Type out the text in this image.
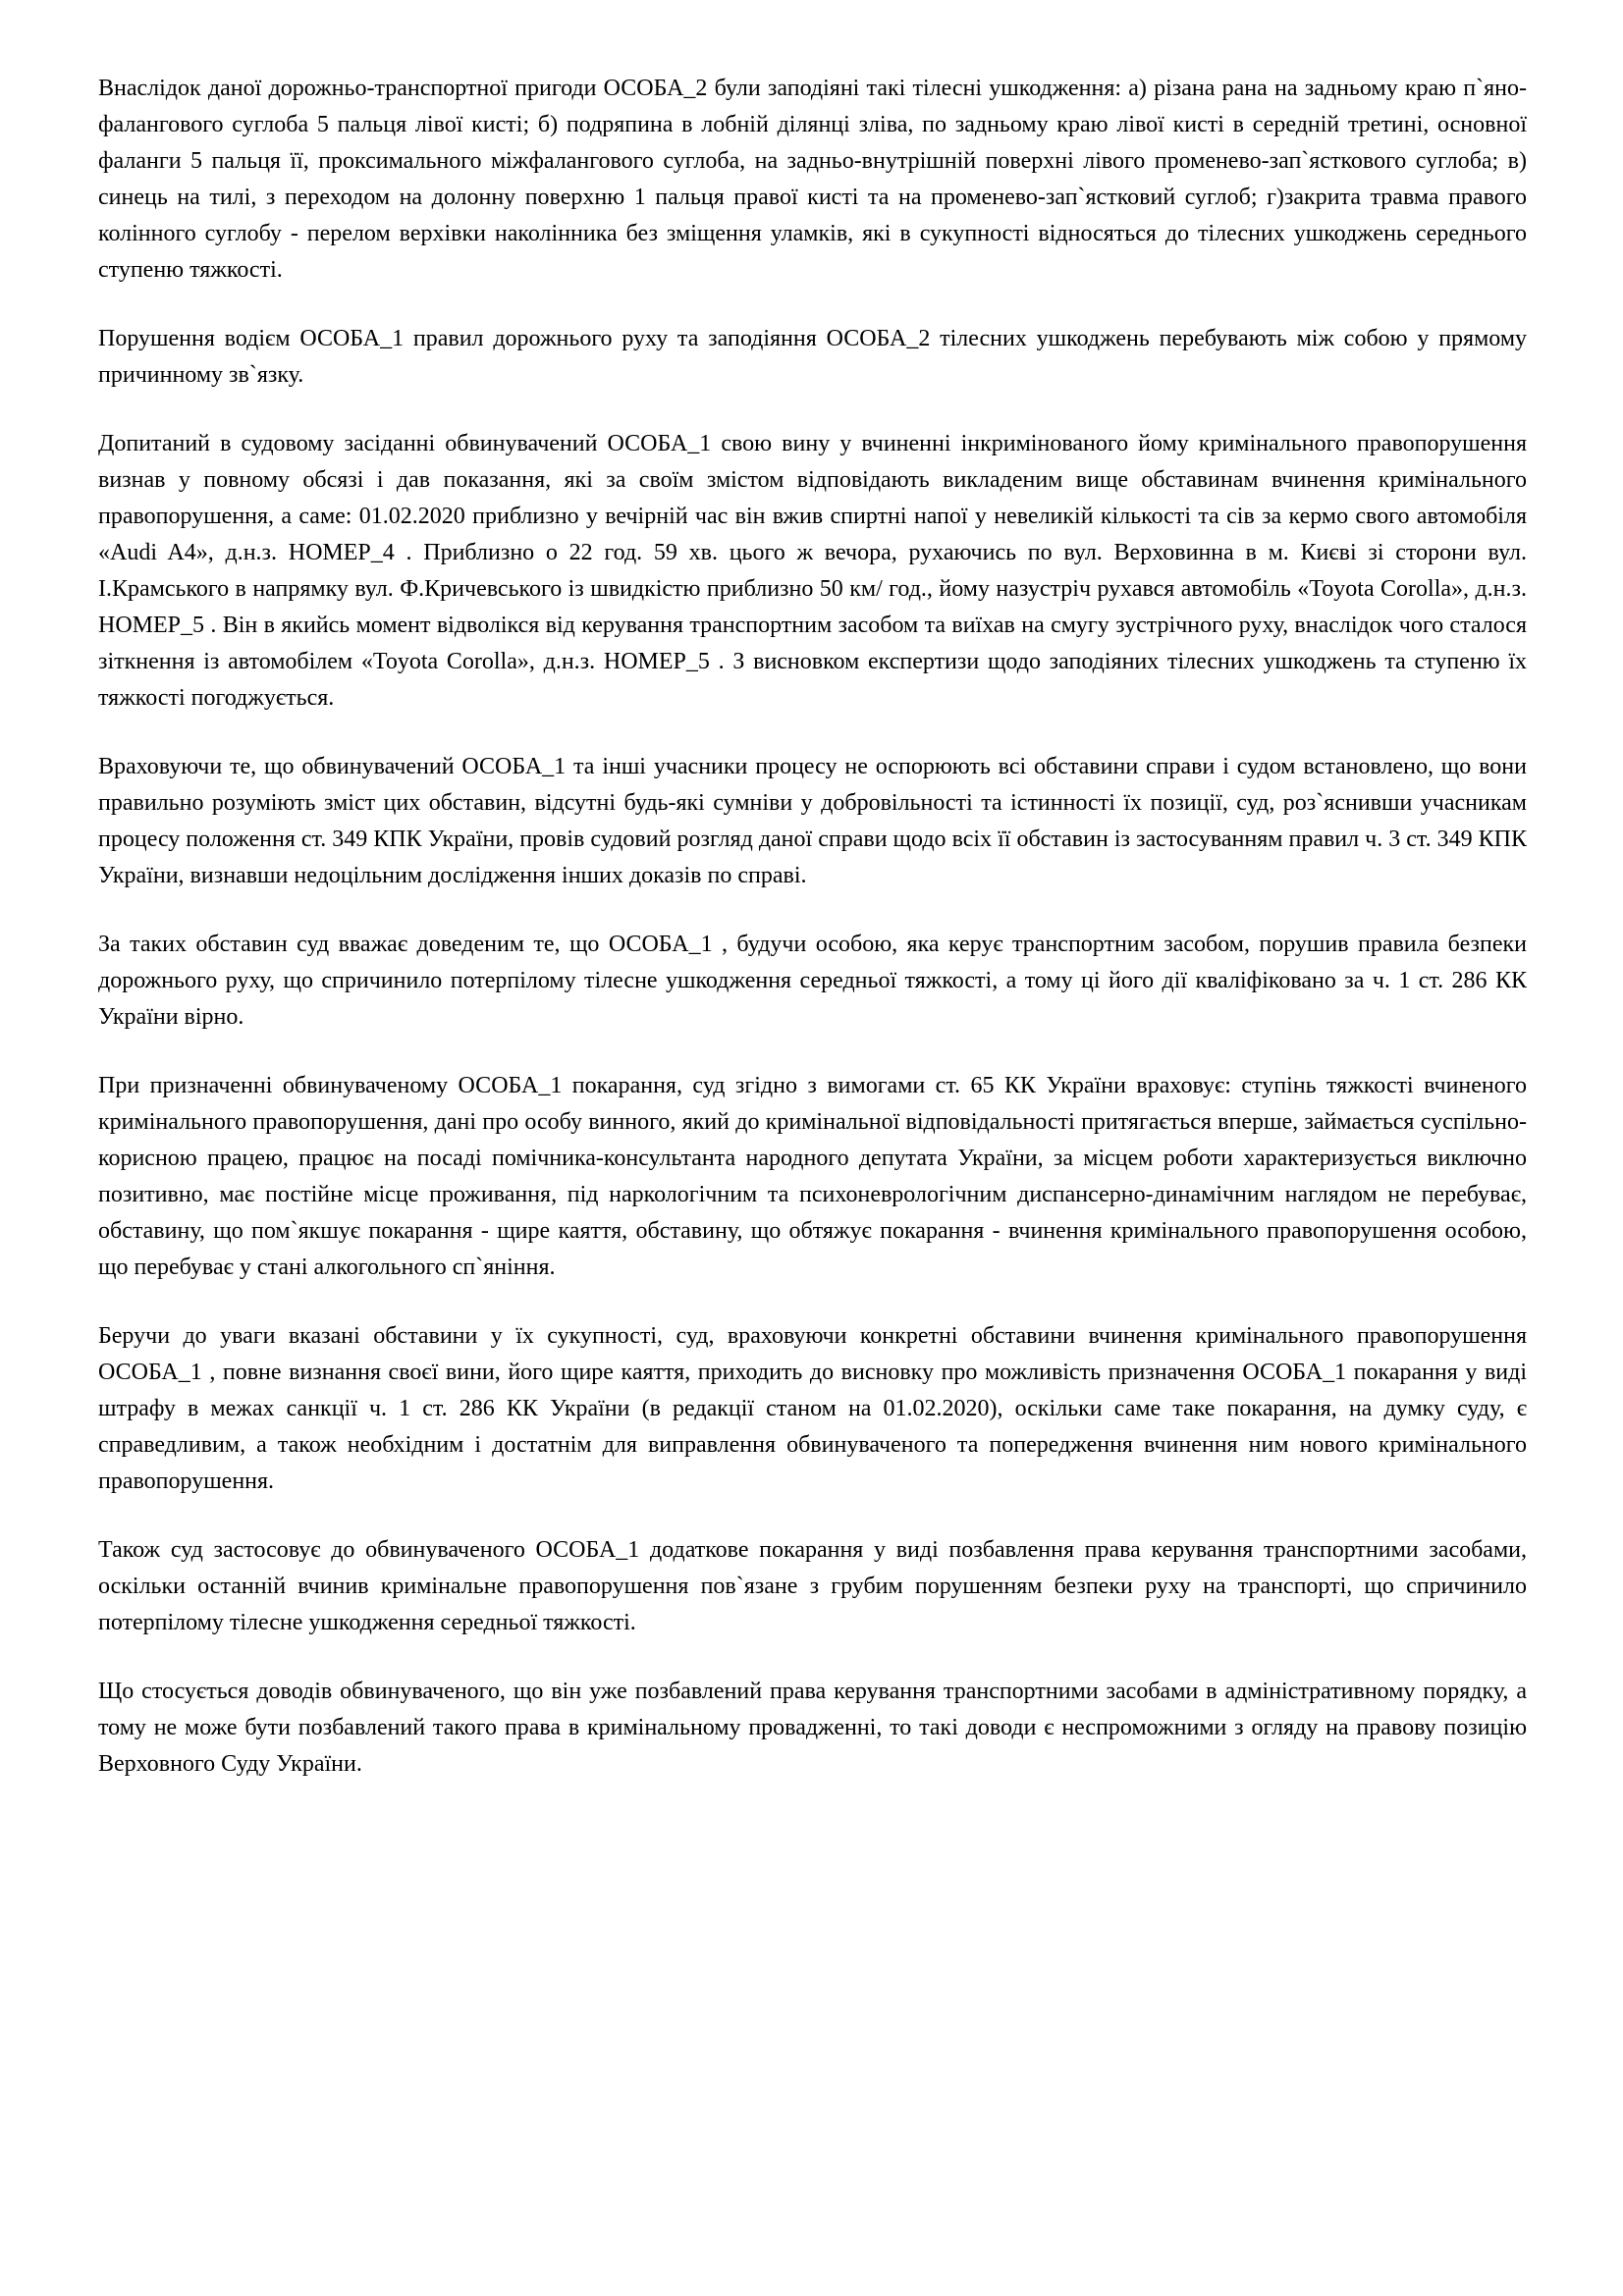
Внаслідок даної дорожньо-транспортної пригоди ОСОБА_2 були заподіяні такі тілесні ушкодження: а) різана рана на задньому краю п`яно-фалангового суглоба 5 пальця лівої кисті; б) подряпина в лобній ділянці зліва, по задньому краю лівої кисті в середній третині, основної фаланги 5 пальця її, проксимального міжфалангового суглоба, на задньо-внутрішній поверхні лівого променево-зап`ясткового суглоба; в) синець на тилі, з переходом на долонну поверхню 1 пальця правої кисті та на променево-зап`ястковий суглоб; г)закрита травма правого колінного суглобу - перелом верхівки наколінника без зміщення уламків, які в сукупності відносяться до тілесних ушкоджень середнього ступеню тяжкості.

Порушення водієм ОСОБА_1 правил дорожнього руху та заподіяння ОСОБА_2 тілесних ушкоджень перебувають між собою у прямому причинному зв`язку.

Допитаний в судовому засіданні обвинувачений ОСОБА_1 свою вину у вчиненні інкримінованого йому кримінального правопорушення визнав у повному обсязі і дав показання, які за своїм змістом відповідають викладеним вище обставинам вчинення кримінального правопорушення, а саме: 01.02.2020 приблизно у вечірній час він вжив спиртні напої у невеликій кількості та сів за кермо свого автомобіля «Audi A4», д.н.з. НОМЕР_4 . Приблизно о 22 год. 59 хв. цього ж вечора, рухаючись по вул. Верховинна в м. Києві зі сторони вул. І.Крамського в напрямку вул. Ф.Кричевського із швидкістю приблизно 50 км/ год., йому назустріч рухався автомобіль «Toyota Corolla», д.н.з. НОМЕР_5 . Він в якийсь момент відволікся від керування транспортним засобом та виїхав на смугу зустрічного руху, внаслідок чого сталося зіткнення із автомобілем «Toyota Corolla», д.н.з. НОМЕР_5 . З висновком експертизи щодо заподіяних тілесних ушкоджень та ступеню їх тяжкості погоджується.

Враховуючи те, що обвинувачений ОСОБА_1 та інші учасники процесу не оспорюють всі обставини справи і судом встановлено, що вони правильно розуміють зміст цих обставин, відсутні будь-які сумніви у добровільності та істинності їх позиції, суд, роз`яснивши учасникам процесу положення ст. 349 КПК України, провів судовий розгляд даної справи щодо всіх її обставин із застосуванням правил ч. 3 ст. 349 КПК України, визнавши недоцільним дослідження інших доказів по справі.

За таких обставин суд вважає доведеним те, що ОСОБА_1 , будучи особою, яка керує транспортним засобом, порушив правила безпеки дорожнього руху, що спричинило потерпілому тілесне ушкодження середньої тяжкості, а тому ці його дії кваліфіковано за ч. 1 ст. 286 КК України вірно.

При призначенні обвинуваченому ОСОБА_1 покарання, суд згідно з вимогами ст. 65 КК України враховує: ступінь тяжкості вчиненого кримінального правопорушення, дані про особу винного, який до кримінальної відповідальності притягається вперше, займається суспільно-корисною працею, працює на посаді помічника-консультанта народного депутата України, за місцем роботи характеризується виключно позитивно, має постійне місце проживання, під наркологічним та психоневрологічним диспансерно-динамічним наглядом не перебуває, обставину, що пом`якшує покарання - щире каяття, обставину, що обтяжує покарання - вчинення кримінального правопорушення особою, що перебуває у стані алкогольного сп`яніння.

Беручи до уваги вказані обставини у їх сукупності, суд, враховуючи конкретні обставини вчинення кримінального правопорушення ОСОБА_1 , повне визнання своєї вини, його щире каяття, приходить до висновку про можливість призначення ОСОБА_1 покарання у виді штрафу в межах санкції ч. 1 ст. 286 КК України (в редакції станом на 01.02.2020), оскільки саме таке покарання, на думку суду, є справедливим, а також необхідним і достатнім для виправлення обвинуваченого та попередження вчинення ним нового кримінального правопорушення.

Також суд застосовує до обвинуваченого ОСОБА_1 додаткове покарання у виді позбавлення права керування транспортними засобами, оскільки останній вчинив кримінальне правопорушення пов`язане з грубим порушенням безпеки руху на транспорті, що спричинило потерпілому тілесне ушкодження середньої тяжкості.

Що стосується доводів обвинуваченого, що він уже позбавлений права керування транспортними засобами в адміністративному порядку, а тому не може бути позбавлений такого права в кримінальному провадженні, то такі доводи є неспроможними з огляду на правову позицію Верховного Суду України.
